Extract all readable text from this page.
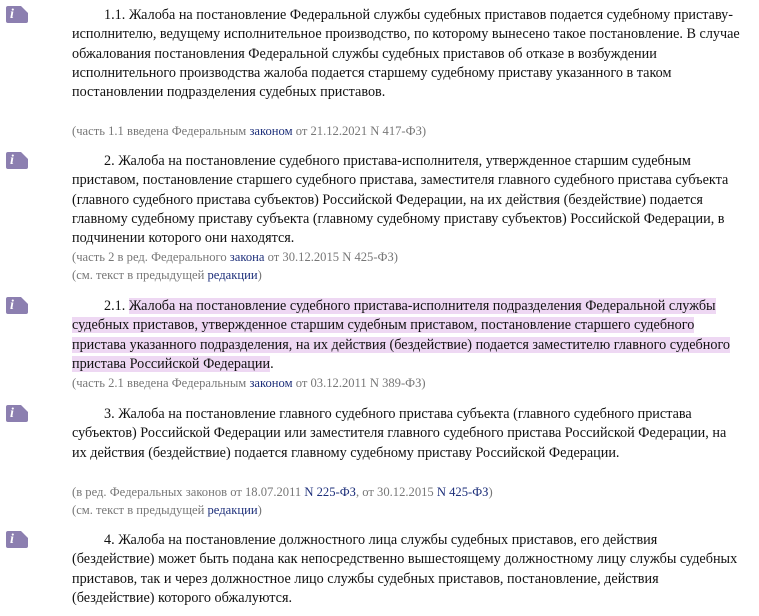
i

1.1. Жалоба на постановление Федеральной службы судебных приставов подается судебному приставу-исполнителю, ведущему исполнительное производство, по которому вынесено такое постановление. В случае обжалования постановления Федеральной службы судебных приставов об отказе в возбуждении исполнительного производства жалоба подается старшему судебному приставу указанного в таком постановлении подразделения судебных приставов.

(часть 1.1 введена Федеральным законом от 21.12.2021 N 417-ФЗ)

i

2. Жалоба на постановление судебного пристава-исполнителя, утвержденное старшим судебным приставом, постановление старшего судебного пристава, заместителя главного судебного пристава субъекта (главного судебного пристава субъектов) Российской Федерации, на их действия (бездействие) подается главному судебному приставу субъекта (главному судебному приставу субъектов) Российской Федерации, в подчинении которого они находятся.

(часть 2 в ред. Федерального закона от 30.12.2015 N 425-ФЗ)

(см. текст в предыдущей редакции)

i

2.1. Жалоба на постановление судебного пристава-исполнителя подразделения Федеральной службы судебных приставов, утвержденное старшим судебным приставом, постановление старшего судебного пристава указанного подразделения, на их действия (бездействие) подается заместителю главного судебного пристава Российской Федерации.

(часть 2.1 введена Федеральным законом от 03.12.2011 N 389-ФЗ)

i

3. Жалоба на постановление главного судебного пристава субъекта (главного судебного пристава субъектов) Российской Федерации или заместителя главного судебного пристава Российской Федерации, на их действия (бездействие) подается главному судебному приставу Российской Федерации.

(в ред. Федеральных законов от 18.07.2011 N 225-ФЗ, от 30.12.2015 N 425-ФЗ)

(см. текст в предыдущей редакции)

i

4. Жалоба на постановление должностного лица службы судебных приставов, его действия (бездействие) может быть подана как непосредственно вышестоящему должностному лицу службы судебных приставов, так и через должностное лицо службы судебных приставов, постановление, действия (бездействие) которого обжалуются.
